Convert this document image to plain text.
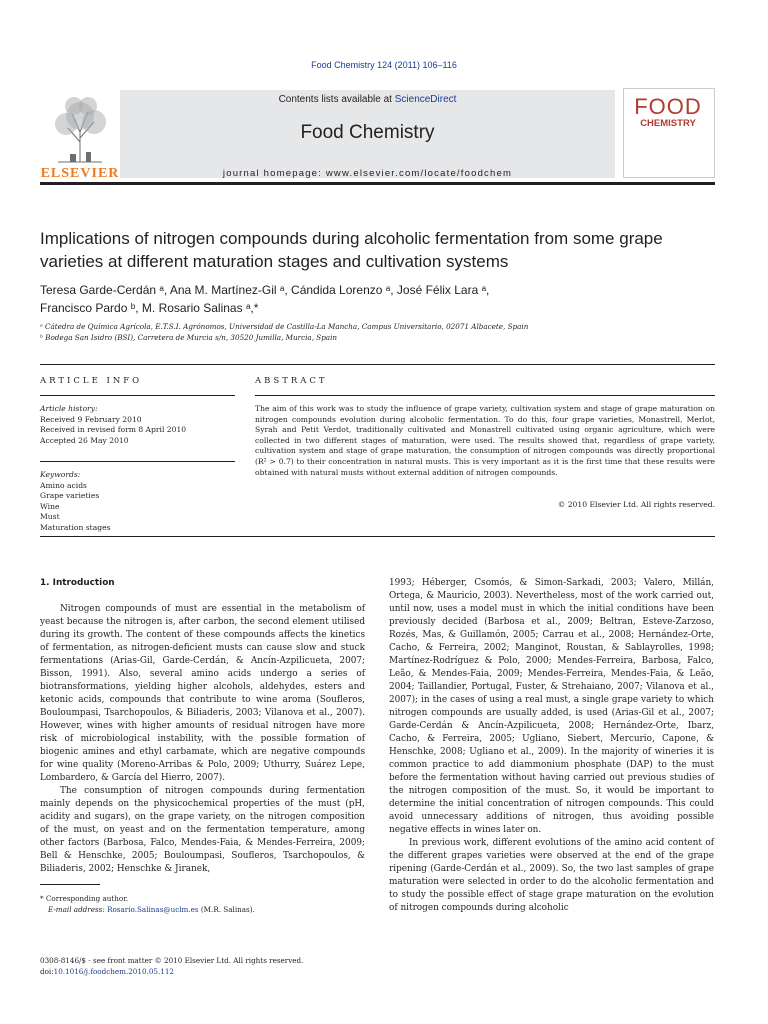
Food Chemistry 124 (2011) 106–116
ELSEVIER
Contents lists available at ScienceDirect
Food Chemistry
journal homepage: www.elsevier.com/locate/foodchem
FOOD
CHEMISTRY
Implications of nitrogen compounds during alcoholic fermentation from some grape varieties at different maturation stages and cultivation systems
Teresa Garde-Cerdán ᵃ, Ana M. Martínez-Gil ᵃ, Cándida Lorenzo ᵃ, José Félix Lara ᵃ,
Francisco Pardo ᵇ, M. Rosario Salinas ᵃ,*
ᵃ Cátedra de Química Agrícola, E.T.S.I. Agrónomos, Universidad de Castilla-La Mancha, Campus Universitario, 02071 Albacete, Spain
ᵇ Bodega San Isidro (BSI), Carretera de Murcia s/n, 30520 Jumilla, Murcia, Spain
ARTICLE INFO	ABSTRACT
Article history:
Received 9 February 2010
Received in revised form 8 April 2010
Accepted 26 May 2010
Keywords:
Amino acids
Grape varieties
Wine
Must
Maturation stages
The aim of this work was to study the influence of grape variety, cultivation system and stage of grape maturation on nitrogen compounds evolution during alcoholic fermentation. To do this, four grape varieties, Monastrell, Merlot, Syrah and Petit Verdot, traditionally cultivated and Monastrell cultivated using organic agriculture, which were collected in two different stages of maturation, were used. The results showed that, regardless of grape variety, cultivation system and stage of grape maturation, the consumption of nitrogen compounds was directly proportional (R² > 0.7) to their concentration in natural musts. This is very important as it is the first time that these results were obtained with natural musts without external addition of nitrogen compounds.
© 2010 Elsevier Ltd. All rights reserved.
1. Introduction

Nitrogen compounds of must are essential in the metabolism of yeast because the nitrogen is, after carbon, the second element utilised during its growth. The content of these compounds affects the kinetics of fermentation, as nitrogen-deficient musts can cause slow and stuck fermentations (Arias-Gil, Garde-Cerdán, & Ancín-Azpilicueta, 2007; Bisson, 1991). Also, several amino acids undergo a series of biotransformations, yielding higher alcohols, aldehydes, esters and ketonic acids, compounds that contribute to wine aroma (Soufleros, Bouloumpasi, Tsarchopoulos, & Biliaderis, 2003; Vilanova et al., 2007). However, wines with higher amounts of residual nitrogen have more risk of microbiological instability, with the possible formation of biogenic amines and ethyl carbamate, which are negative compounds for wine quality (Moreno-Arribas & Polo, 2009; Uthurry, Suárez Lepe, Lombardero, & García del Hierro, 2007).

The consumption of nitrogen compounds during fermentation mainly depends on the physicochemical properties of the must (pH, acidity and sugars), on the grape variety, on the nitrogen composition of the must, on yeast and on the fermentation temperature, among other factors (Barbosa, Falco, Mendes-Faia, & Mendes-Ferreira, 2009; Bell & Henschke, 2005; Bouloumpasi, Soufleros, Tsarchopoulos, & Biliaderis, 2002; Henschke & Jiranek,

1993; Héberger, Csomós, & Simon-Sarkadi, 2003; Valero, Millán, Ortega, & Mauricio, 2003). Nevertheless, most of the work carried out, until now, uses a model must in which the initial conditions have been previously decided (Barbosa et al., 2009; Beltran, Esteve-Zarzoso, Rozés, Mas, & Guillamón, 2005; Carrau et al., 2008; Hernández-Orte, Cacho, & Ferreira, 2002; Manginot, Roustan, & Sablayrolles, 1998; Martínez-Rodríguez & Polo, 2000; Mendes-Ferreira, Barbosa, Falco, Leão, & Mendes-Faia, 2009; Mendes-Ferreira, Mendes-Faia, & Leão, 2004; Taillandier, Portugal, Fuster, & Strehaiano, 2007; Vilanova et al., 2007); in the cases of using a real must, a single grape variety to which nitrogen compounds are usually added, is used (Arias-Gil et al., 2007; Garde-Cerdán & Ancín-Azpilicueta, 2008; Hernández-Orte, Ibarz, Cacho, & Ferreira, 2005; Ugliano, Siebert, Mercurio, Capone, & Henschke, 2008; Ugliano et al., 2009). In the majority of wineries it is common practice to add diammonium phosphate (DAP) to the must before the fermentation without having carried out previous studies of the nitrogen composition of the must. So, it would be important to determine the initial concentration of nitrogen compounds. This could avoid unnecessary additions of nitrogen, thus avoiding possible negative effects in wines later on.

In previous work, different evolutions of the amino acid content of the different grapes varieties were observed at the end of the grape ripening (Garde-Cerdán et al., 2009). So, the two last samples of grape maturation were selected in order to do the alcoholic fermentation and to study the possible effect of stage grape maturation on the evolution of nitrogen compounds during alcoholic

* Corresponding author.
E-mail address: Rosario.Salinas@uclm.es (M.R. Salinas).
0308-8146/$ - see front matter © 2010 Elsevier Ltd. All rights reserved.
doi:10.1016/j.foodchem.2010.05.112
